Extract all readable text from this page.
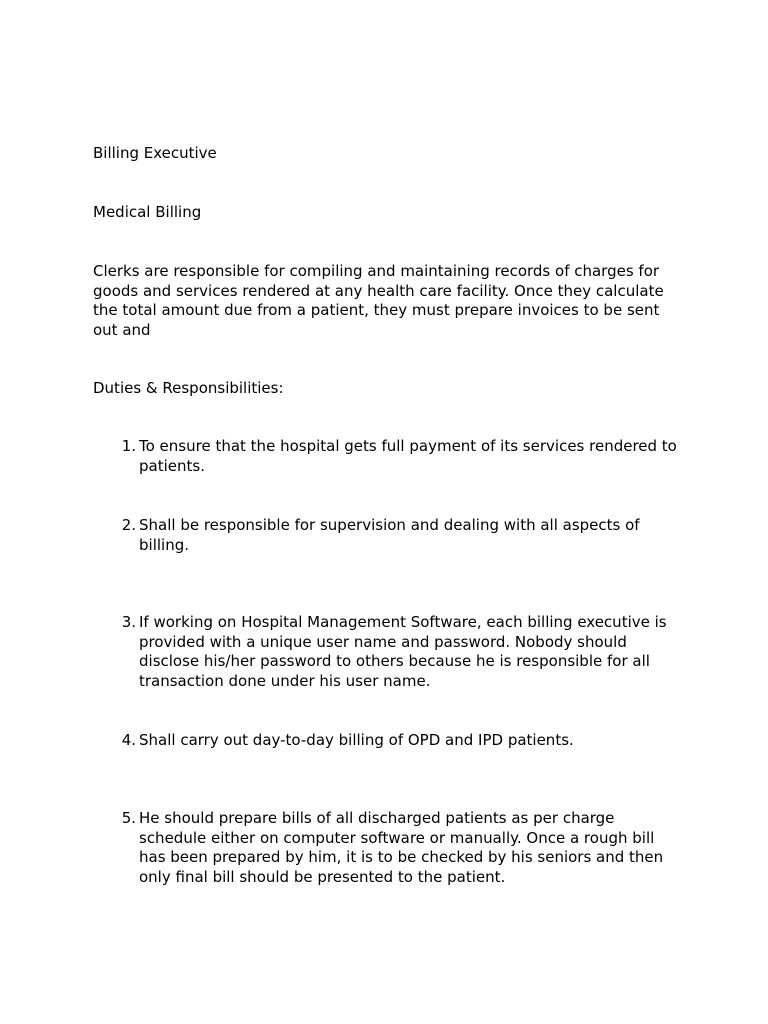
Billing Executive

Medical Billing

Clerks are responsible for compiling and maintaining records of charges for goods and services rendered at any health care facility. Once they calculate the total amount due from a patient, they must prepare invoices to be sent out and

Duties & Responsibilities:

1. To ensure that the hospital gets full payment of its services rendered to patients.
2. Shall be responsible for supervision and dealing with all aspects of billing.
3. If working on Hospital Management Software, each billing executive is provided with a unique user name and password. Nobody should disclose his/her password to others because he is responsible for all transaction done under his user name.
4. Shall carry out day-to-day billing of OPD and IPD patients.
5. He should prepare bills of all discharged patients as per charge schedule either on computer software or manually. Once a rough bill has been prepared by him, it is to be checked by his seniors and then only final bill should be presented to the patient.
